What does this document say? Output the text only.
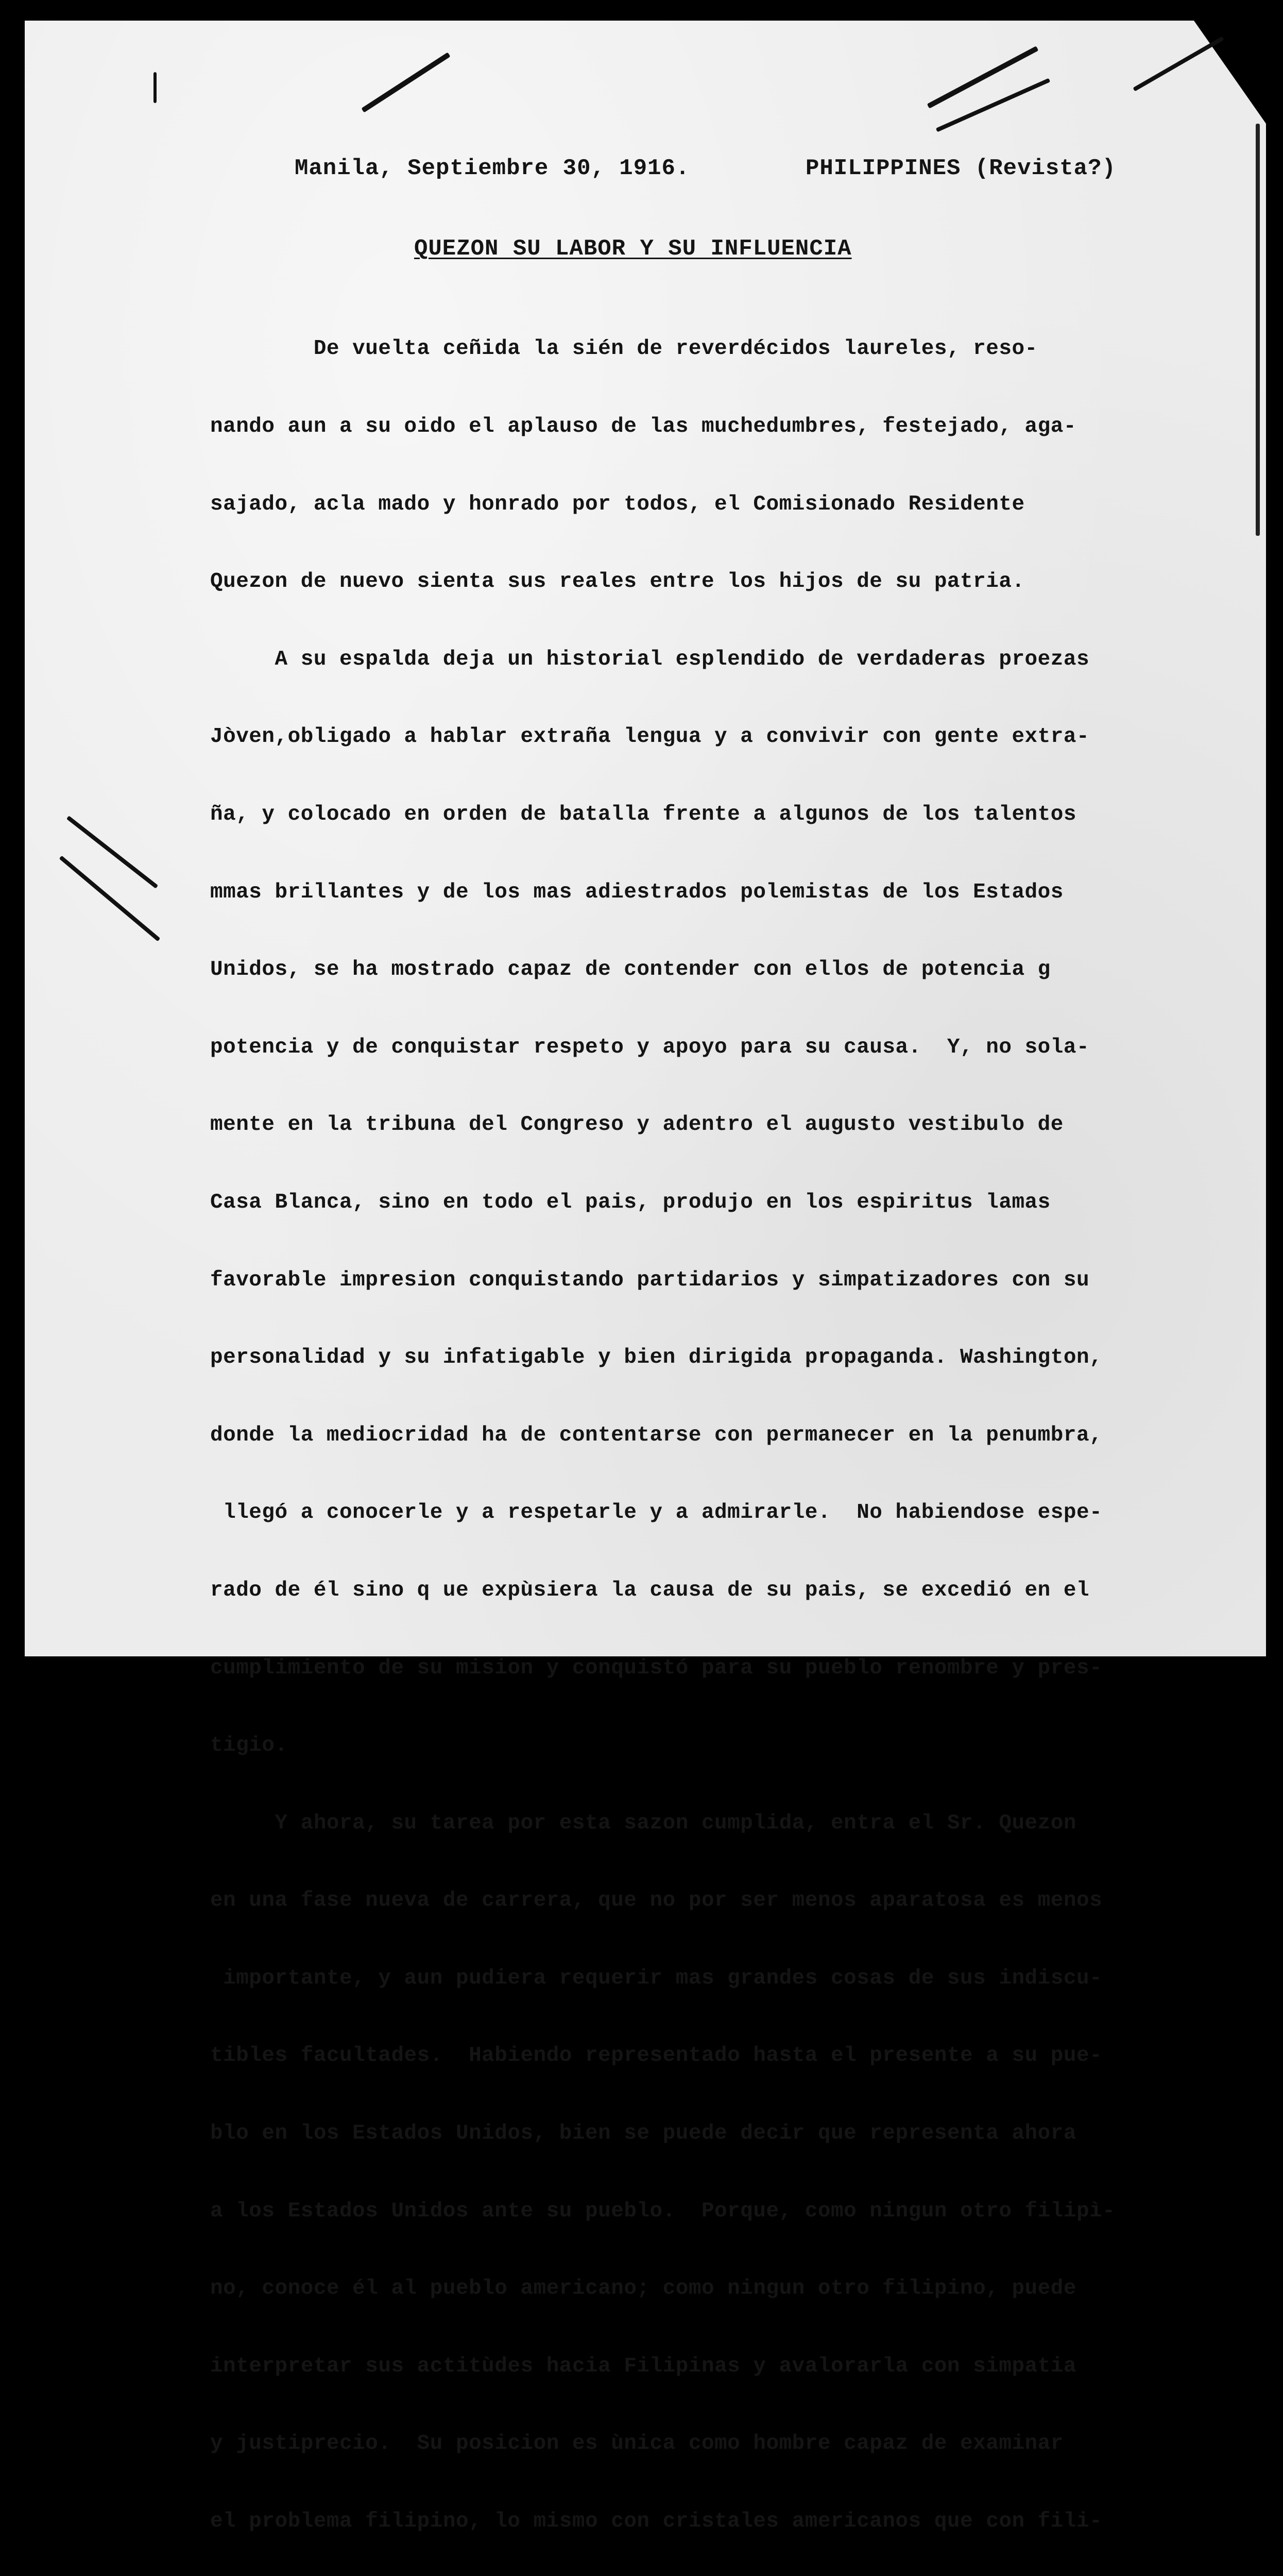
Manila, Septiembre 30, 1916.	PHILIPPINES (Revista?)
QUEZON SU LABOR Y SU INFLUENCIA

De vuelta ceñida la sién de reverdécidos laureles, reso-

nando aun a su oido el aplauso de las muchedumbres, festejado, aga-

sajado, acla mado y honrado por todos, el Comisionado Residente

Quezon de nuevo sienta sus reales entre los hijos de su patria.

A su espalda deja un historial esplendido de verdaderas proezas

Jòven,obligado a hablar extraña lengua y a convivir con gente extra-

ña, y colocado en orden de batalla frente a algunos de los talentos

mmas brillantes y de los mas adiestrados polemistas de los Estados

Unidos, se ha mostrado capaz de contender con ellos de potencia g

potencia y de conquistar respeto y apoyo para su causa.  Y, no sola-

mente en la tribuna del Congreso y adentro el augusto vestibulo de

Casa Blanca, sino en todo el pais, produjo en los espiritus lamas

favorable impresion conquistando partidarios y simpatizadores con su

personalidad y su infatigable y bien dirigida propaganda. Washington,

donde la mediocridad ha de contentarse con permanecer en la penumbra,

llegó a conocerle y a respetarle y a admirarle.  No habiendose espe-

rado de él sino q ue expùsiera la causa de su pais, se excedió en el

cumplimiento de su mision y conquistó para su pueblo renombre y pres-

tigio.

Y ahora, su tarea por esta sazon cumplida, entra el Sr. Quezon

en una fase nueva de carrera, que no por ser menos aparatosa es menos

importante, y aun pudiera requerir mas grandes cosas de sus indiscu-

tibles facultades.  Habiendo representado hasta el presente a su pue-

blo en los Estados Unidos, bien se puede decir que representa ahora

a los Estados Unidos ante su pueblo.  Porque, como ningun otro filipì-

no, conoce él al pueblo americano; como ningun otro filipino, puede

interpretar sus actitùdes hacia Filipinas y avalorarla con simpatia

y justiprecio.  Su posicion es ùnica como hombre capaz de examinar

el problema filipino, lo mismo con cristales americanos que con fili-
